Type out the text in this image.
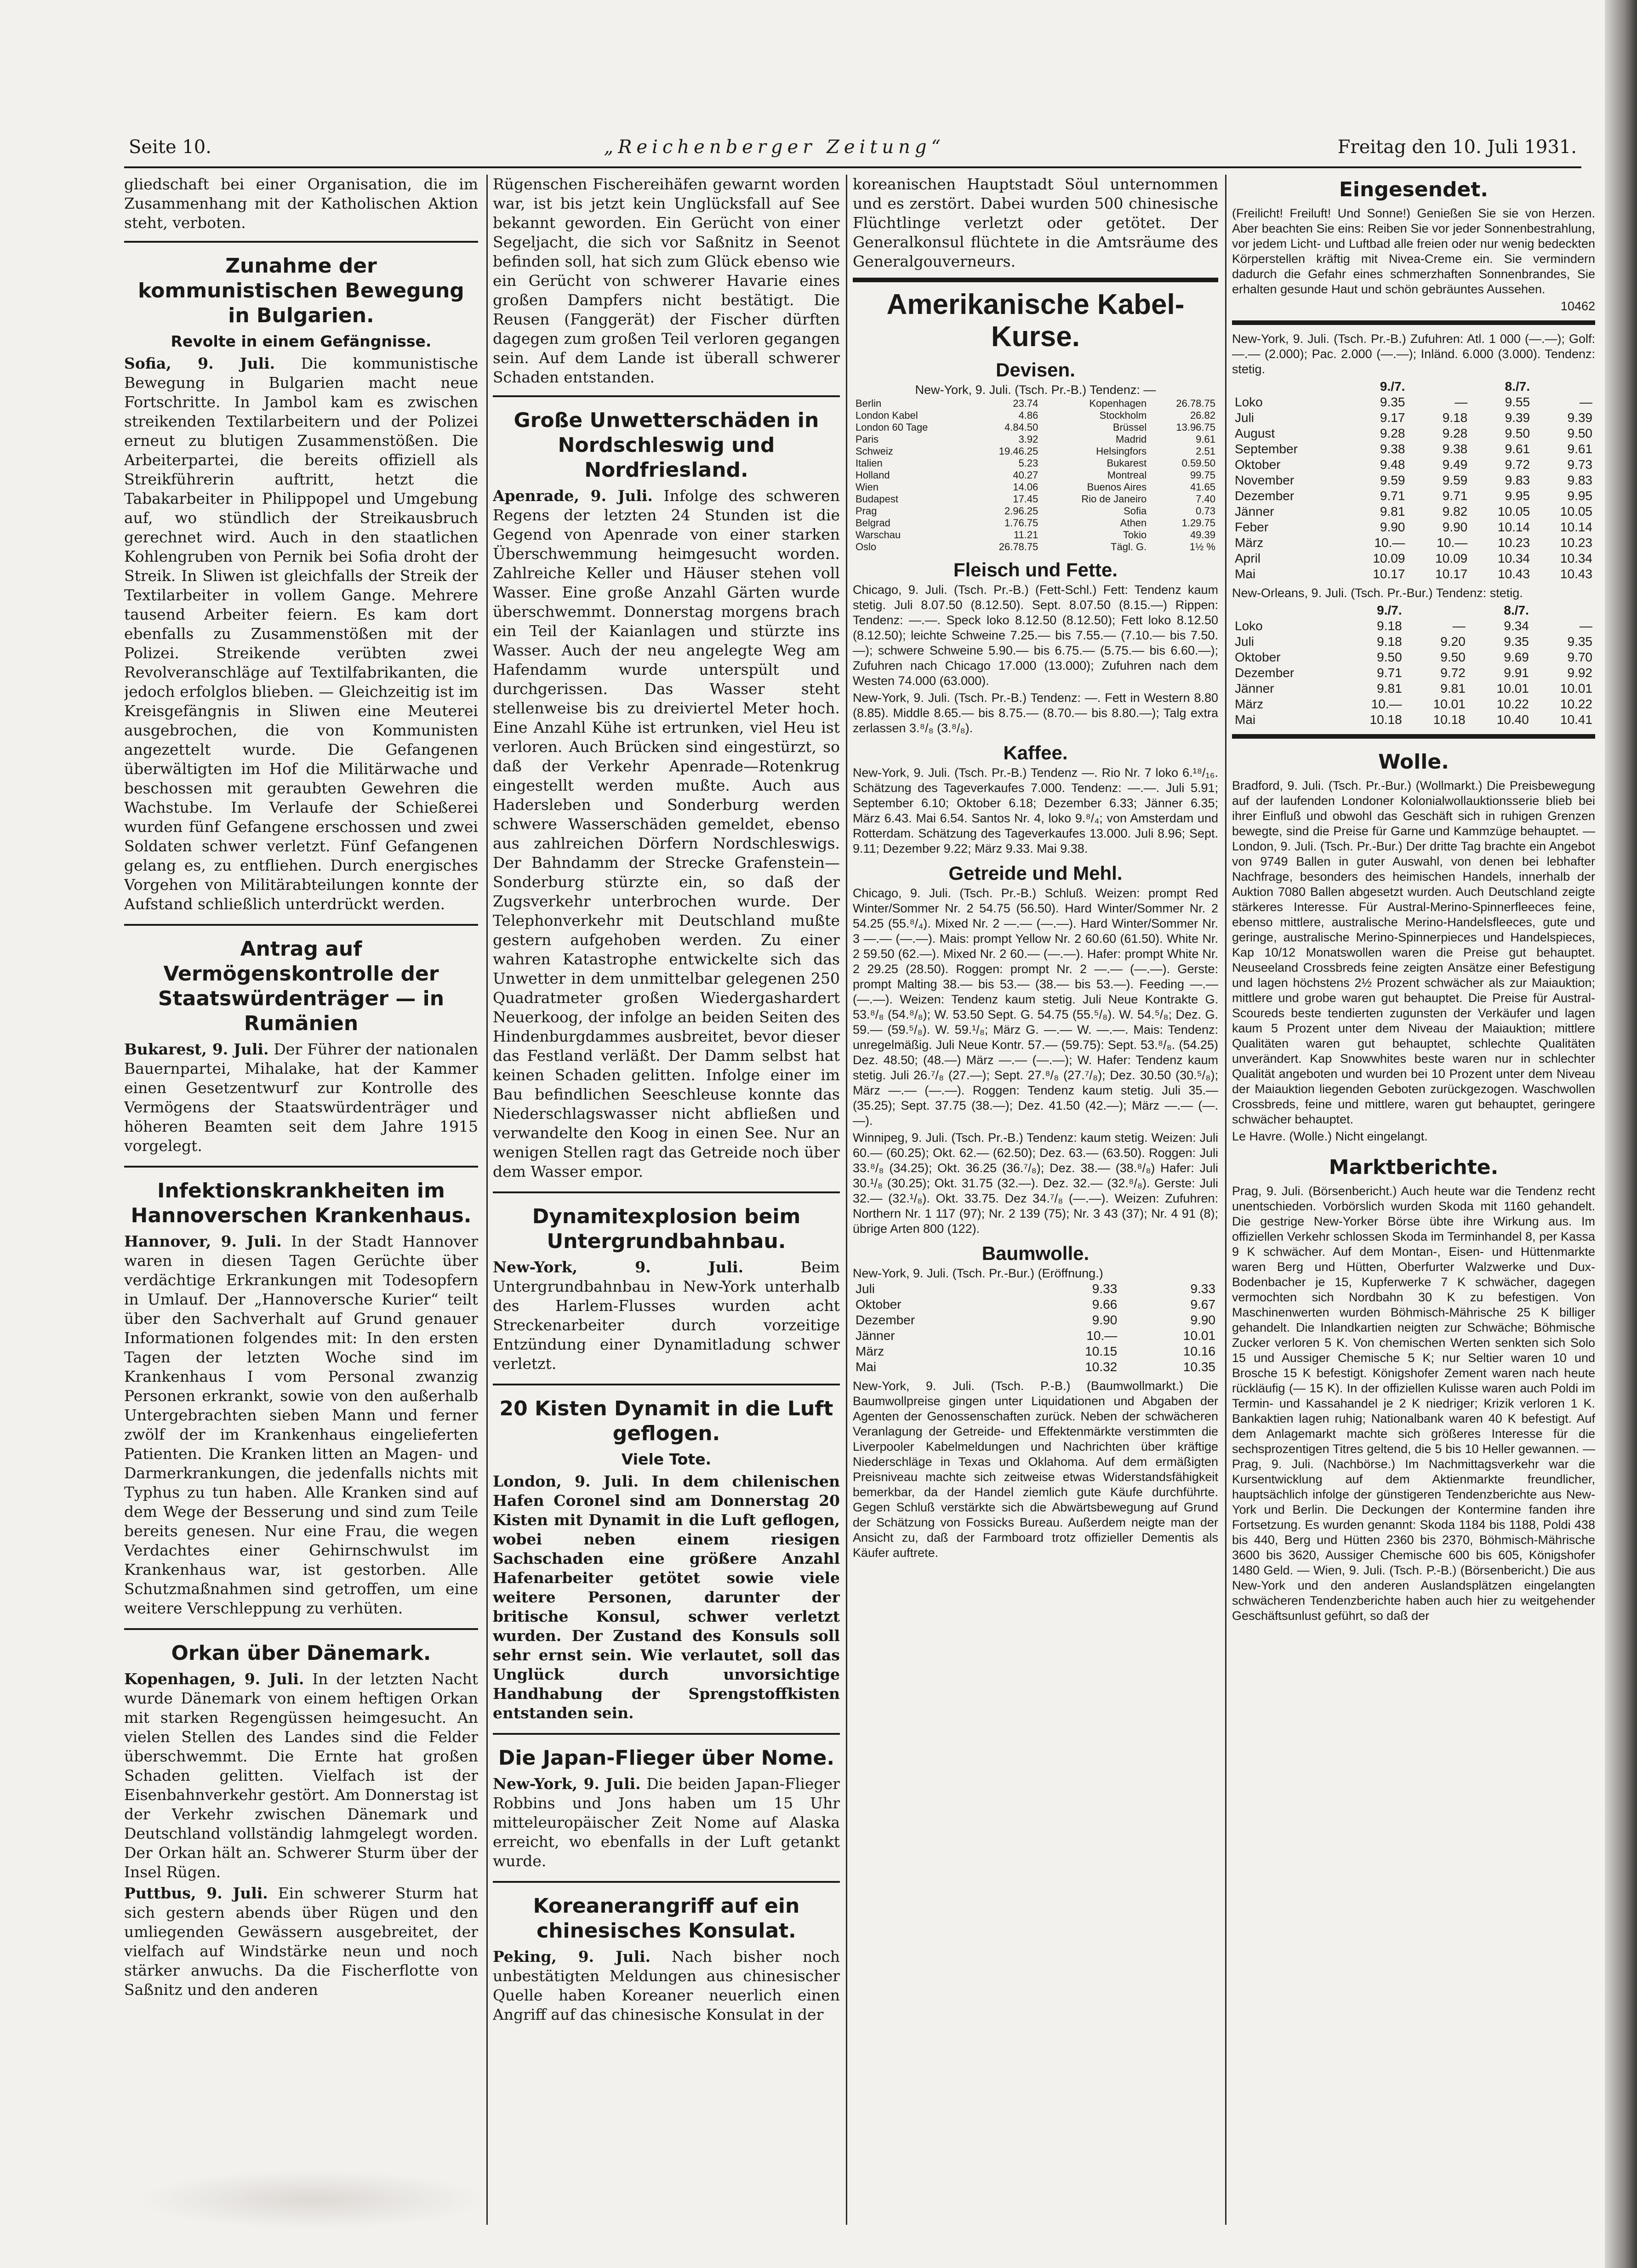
Seite 10.	„Reichenberger Zeitung“	Freitag den 10. Juli 1931.

gliedschaft bei einer Organisation, die im Zusammenhang mit der Katholischen Aktion steht, verboten.

Zunahme der kommunistischen Bewegung in Bulgarien.
Revolte in einem Gefängnisse.

Sofia, 9. Juli. Die kommunistische Bewegung in Bulgarien macht neue Fortschritte. In Jambol kam es zwischen streikenden Textilarbeitern und der Polizei erneut zu blutigen Zusammenstößen. Die Arbeiterpartei, die bereits offiziell als Streikführerin auftritt, hetzt die Tabakarbeiter in Philippopel und Umgebung auf, wo stündlich der Streikausbruch gerechnet wird. Auch in den staatlichen Kohlengruben von Pernik bei Sofia droht der Streik. In Sliwen ist gleichfalls der Streik der Textilarbeiter in vollem Gange. Mehrere tausend Arbeiter feiern. Es kam dort ebenfalls zu Zusammenstößen mit der Polizei. Streikende verübten zwei Revolveranschläge auf Textilfabrikanten, die jedoch erfolglos blieben. — Gleichzeitig ist im Kreisgefängnis in Sliwen eine Meuterei ausgebrochen, die von Kommunisten angezettelt wurde. Die Gefangenen überwältigten im Hof die Militärwache und beschossen mit geraubten Gewehren die Wachstube. Im Verlaufe der Schießerei wurden fünf Gefangene erschossen und zwei Soldaten schwer verletzt. Fünf Gefangenen gelang es, zu entfliehen. Durch energisches Vorgehen von Militärabteilungen konnte der Aufstand schließlich unterdrückt werden.

Antrag auf Vermögenskontrolle der Staatswürdenträger — in Rumänien

Bukarest, 9. Juli. Der Führer der nationalen Bauernpartei, Mihalake, hat der Kammer einen Gesetzentwurf zur Kontrolle des Vermögens der Staatswürdenträger und höheren Beamten seit dem Jahre 1915 vorgelegt.

Infektionskrankheiten im Hannoverschen Krankenhaus.

Hannover, 9. Juli. In der Stadt Hannover waren in diesen Tagen Gerüchte über verdächtige Erkrankungen mit Todesopfern in Umlauf. Der „Hannoversche Kurier“ teilt über den Sachverhalt auf Grund genauer Informationen folgendes mit: In den ersten Tagen der letzten Woche sind im Krankenhaus I vom Personal zwanzig Personen erkrankt, sowie von den außerhalb Untergebrachten sieben Mann und ferner zwölf der im Krankenhaus eingelieferten Patienten. Die Kranken litten an Magen- und Darmerkrankungen, die jedenfalls nichts mit Typhus zu tun haben. Alle Kranken sind auf dem Wege der Besserung und sind zum Teile bereits genesen. Nur eine Frau, die wegen Verdachtes einer Gehirnschwulst im Krankenhaus war, ist gestorben. Alle Schutzmaßnahmen sind getroffen, um eine weitere Verschleppung zu verhüten.

Orkan über Dänemark.

Kopenhagen, 9. Juli. In der letzten Nacht wurde Dänemark von einem heftigen Orkan mit starken Regengüssen heimgesucht. An vielen Stellen des Landes sind die Felder überschwemmt. Die Ernte hat großen Schaden gelitten. Vielfach ist der Eisenbahnverkehr gestört. Am Donnerstag ist der Verkehr zwischen Dänemark und Deutschland vollständig lahmgelegt worden. Der Orkan hält an. Schwerer Sturm über der Insel Rügen.

Puttbus, 9. Juli. Ein schwerer Sturm hat sich gestern abends über Rügen und den umliegenden Gewässern ausgebreitet, der vielfach auf Windstärke neun und noch stärker anwuchs. Da die Fischerflotte von Saßnitz und den anderen

Rügenschen Fischereihäfen gewarnt worden war, ist bis jetzt kein Unglücksfall auf See bekannt geworden. Ein Gerücht von einer Segeljacht, die sich vor Saßnitz in Seenot befinden soll, hat sich zum Glück ebenso wie ein Gerücht von schwerer Havarie eines großen Dampfers nicht bestätigt. Die Reusen (Fanggerät) der Fischer dürften dagegen zum großen Teil verloren gegangen sein. Auf dem Lande ist überall schwerer Schaden entstanden.

Große Unwetterschäden in Nordschleswig und Nordfriesland.

Apenrade, 9. Juli. Infolge des schweren Regens der letzten 24 Stunden ist die Gegend von Apenrade von einer starken Überschwemmung heimgesucht worden. Zahlreiche Keller und Häuser stehen voll Wasser. Eine große Anzahl Gärten wurde überschwemmt. Donnerstag morgens brach ein Teil der Kaianlagen und stürzte ins Wasser. Auch der neu angelegte Weg am Hafendamm wurde unterspült und durchgerissen. Das Wasser steht stellenweise bis zu dreiviertel Meter hoch. Eine Anzahl Kühe ist ertrunken, viel Heu ist verloren. Auch Brücken sind eingestürzt, so daß der Verkehr Apenrade—Rotenkrug eingestellt werden mußte. Auch aus Hadersleben und Sonderburg werden schwere Wasserschäden gemeldet, ebenso aus zahlreichen Dörfern Nordschleswigs. Der Bahndamm der Strecke Grafenstein—Sonderburg stürzte ein, so daß der Zugsverkehr unterbrochen wurde. Der Telephonverkehr mit Deutschland mußte gestern aufgehoben werden. Zu einer wahren Katastrophe entwickelte sich das Unwetter in dem unmittelbar gelegenen 250 Quadratmeter großen Wiedergashardert Neuerkoog, der infolge an beiden Seiten des Hindenburgdammes ausbreitet, bevor dieser das Festland verläßt. Der Damm selbst hat keinen Schaden gelitten. Infolge einer im Bau befindlichen Seeschleuse konnte das Niederschlagswasser nicht abfließen und verwandelte den Koog in einen See. Nur an wenigen Stellen ragt das Getreide noch über dem Wasser empor.

Dynamitexplosion beim Untergrundbahnbau.

New-York, 9. Juli.	Beim Untergrundbahnbau in New-York unterhalb des Harlem-Flusses wurden acht Streckenarbeiter durch vorzeitige Entzündung einer Dynamitladung schwer verletzt.

20 Kisten Dynamit in die Luft geflogen.
Viele Tote.

London, 9. Juli. In dem chilenischen Hafen Coronel sind am Donnerstag 20 Kisten mit Dynamit in die Luft geflogen, wobei neben einem riesigen Sachschaden eine größere Anzahl Hafenarbeiter getötet sowie viele weitere Personen, darunter der britische Konsul, schwer verletzt wurden. Der Zustand des Konsuls soll sehr ernst sein. Wie verlautet, soll das Unglück durch unvorsichtige Handhabung der Sprengstoffkisten entstanden sein.

Die Japan-Flieger über Nome.

New-York, 9. Juli. Die beiden Japan-Flieger Robbins und Jons haben um 15 Uhr mitteleuropäischer Zeit Nome auf Alaska erreicht, wo ebenfalls in der Luft getankt wurde.

Koreanerangriff auf ein chinesisches Konsulat.

Peking, 9. Juli. Nach bisher noch unbestätigten Meldungen aus chinesischer Quelle haben Koreaner neuerlich einen Angriff auf das chinesische Konsulat in der

koreanischen Hauptstadt Söul unternommen und es zerstört. Dabei wurden 500 chinesische Flüchtlinge verletzt oder getötet. Der Generalkonsul flüchtete in die Amtsräume des Generalgouverneurs.

Amerikanische Kabel-Kurse.
Devisen.
New-York, 9. Juli. (Tsch. Pr.-B.) Tendenz: —
Berlin	23.74	Kopenhagen	26.78.75
London Kabel	4.86	Stockholm	26.82
London 60 Tage	4.84.50	Brüssel	13.96.75
Paris	3.92	Madrid	9.61
Schweiz	19.46.25	Helsingfors	2.51
Italien	5.23	Bukarest	0.59.50
Holland	40.27	Montreal	99.75
Wien	14.06	Buenos Aires	41.65
Budapest	17.45	Rio de Janeiro	7.40
Prag	2.96.25	Sofia	0.73
Belgrad	1.76.75	Athen	1.29.75
Warschau	11.21	Tokio	49.39
Oslo	26.78.75	Tägl. G.	1½ %
Fleisch und Fette.

Chicago, 9. Juli. (Tsch. Pr.-B.) (Fett-Schl.) Fett: Tendenz kaum stetig. Juli 8.07.50 (8.12.50). Sept. 8.07.50 (8.15.—) Rippen: Tendenz: —.—. Speck loko 8.12.50 (8.12.50); Fett loko 8.12.50 (8.12.50); leichte Schweine 7.25.— bis 7.55.— (7.10.— bis 7.50.—); schwere Schweine 5.90.— bis 6.75.— (5.75.— bis 6.60.—); Zufuhren nach Chicago 17.000 (13.000); Zufuhren nach dem Westen 74.000 (63.000).

New-York, 9. Juli. (Tsch. Pr.-B.) Tendenz: —. Fett in Western 8.80 (8.85). Middle 8.65.— bis 8.75.— (8.70.— bis 8.80.—); Talg extra zerlassen 3.⁸/₈ (3.⁸/₈).

Kaffee.

New-York, 9. Juli. (Tsch. Pr.-B.) Tendenz —. Rio Nr. 7 loko 6.¹⁸/₁₆. Schätzung des Tageverkaufes 7.000. Tendenz: —.—. Juli 5.91; September 6.10; Oktober 6.18; Dezember 6.33; Jänner 6.35; März 6.43. Mai 6.54. Santos Nr. 4, loko 9.⁸/₄; von Amsterdam und Rotterdam. Schätzung des Tageverkaufes 13.000. Juli 8.96; Sept. 9.11; Dezember 9.22; März 9.33. Mai 9.38.

Getreide und Mehl.

Chicago, 9. Juli. (Tsch. Pr.-B.) Schluß. Weizen: prompt Red Winter/Sommer Nr. 2 54.75 (56.50). Hard Winter/Sommer Nr. 2 54.25 (55.⁸/₄). Mixed Nr. 2 —.— (—.—). Hard Winter/Sommer Nr. 3 —.— (—.—). Mais: prompt Yellow Nr. 2 60.60 (61.50). White Nr. 2 59.50 (62.—). Mixed Nr. 2 60.— (—.—). Hafer: prompt White Nr. 2 29.25 (28.50). Roggen: prompt Nr. 2 —.— (—.—). Gerste: prompt Malting 38.— bis 53.— (38.— bis 53.—). Feeding —.— (—.—). Weizen: Tendenz kaum stetig. Juli Neue Kontrakte G. 53.⁸/₈ (54.⁸/₈); W. 53.50 Sept. G. 54.75 (55.⁵/₈). W. 54.⁵/₈; Dez. G. 59.— (59.⁵/₈). W. 59.¹/₈; März G. —.— W. —.—. Mais: Tendenz: unregelmäßig. Juli Neue Kontr. 57.— (59.75): Sept. 53.⁸/₈. (54.25) Dez. 48.50; (48.—) März —.— (—.—); W. Hafer: Tendenz kaum stetig. Juli 26.⁷/₈ (27.—); Sept. 27.⁸/₈ (27.⁷/₈); Dez. 30.50 (30.⁵/₈); März —.— (—.—). Roggen: Tendenz kaum stetig. Juli 35.— (35.25); Sept. 37.75 (38.—); Dez. 41.50 (42.—); März —.— (—.—).

Winnipeg, 9. Juli. (Tsch. Pr.-B.) Tendenz: kaum stetig. Weizen: Juli 60.— (60.25); Okt. 62.— (62.50); Dez. 63.— (63.50). Roggen: Juli 33.⁸/₈ (34.25); Okt. 36.25 (36.⁷/₈); Dez. 38.— (38.⁸/₈) Hafer: Juli 30.¹/₈ (30.25); Okt. 31.75 (32.—). Dez. 32.— (32.⁸/₈). Gerste: Juli 32.— (32.¹/₈). Okt. 33.75. Dez 34.⁷/₈ (—.—). Weizen: Zufuhren: Northern Nr. 1 117 (97); Nr. 2 139 (75); Nr. 3 43 (37); Nr. 4 91 (8); übrige Arten 800 (122).

Baumwolle.
New-York, 9. Juli. (Tsch. Pr.-Bur.) (Eröffnung.)
Juli	9.33	9.33
Oktober	9.66	9.67
Dezember	9.90	9.90
Jänner	10.—	10.01
März	10.15	10.16
Mai	10.32	10.35

New-York, 9. Juli. (Tsch. P.-B.) (Baumwollmarkt.) Die Baumwollpreise gingen unter Liquidationen und Abgaben der Agenten der Genossenschaften zurück. Neben der schwächeren Veranlagung der Getreide- und Effektenmärkte verstimmten die Liverpooler Kabelmeldungen und Nachrichten über kräftige Niederschläge in Texas und Oklahoma. Auf dem ermäßigten Preisniveau machte sich zeitweise etwas Widerstandsfähigkeit bemerkbar, da der Handel ziemlich gute Käufe durchführte. Gegen Schluß verstärkte sich die Abwärtsbewegung auf Grund der Schätzung von Fossicks Bureau. Außerdem neigte man der Ansicht zu, daß der Farmboard trotz offizieller Dementis als Käufer auftrete.

Eingesendet.

(Freilicht! Freiluft! Und Sonne!) Genießen Sie sie von Herzen. Aber beachten Sie eins: Reiben Sie vor jeder Sonnenbestrahlung, vor jedem Licht- und Luftbad alle freien oder nur wenig bedeckten Körperstellen kräftig mit Nivea-Creme ein. Sie vermindern dadurch die Gefahr eines schmerzhaften Sonnenbrandes, Sie erhalten gesunde Haut und schön gebräuntes Aussehen.

10462

New-York, 9. Juli. (Tsch. Pr.-B.) Zufuhren: Atl. 1 000 (—.—); Golf: —.— (2.000); Pac. 2.000 (—.—); Inländ. 6.000 (3.000). Tendenz: stetig.

	9./7.		8./7.	
Loko	9.35	—	9.55	—
Juli	9.17	9.18	9.39	9.39
August	9.28	9.28	9.50	9.50
September	9.38	9.38	9.61	9.61
Oktober	9.48	9.49	9.72	9.73
November	9.59	9.59	9.83	9.83
Dezember	9.71	9.71	9.95	9.95
Jänner	9.81	9.82	10.05	10.05
Feber	9.90	9.90	10.14	10.14
März	10.—	10.—	10.23	10.23
April	10.09	10.09	10.34	10.34
Mai	10.17	10.17	10.43	10.43

New-Orleans, 9. Juli. (Tsch. Pr.-Bur.) Tendenz: stetig.

	9./7.		8./7.	
Loko	9.18	—	9.34	—
Juli	9.18	9.20	9.35	9.35
Oktober	9.50	9.50	9.69	9.70
Dezember	9.71	9.72	9.91	9.92
Jänner	9.81	9.81	10.01	10.01
März	10.—	10.01	10.22	10.22
Mai	10.18	10.18	10.40	10.41
Wolle.

Bradford, 9. Juli. (Tsch. Pr.-Bur.) (Wollmarkt.) Die Preisbewegung auf der laufenden Londoner Kolonialwollauktionsserie blieb bei ihrer Einfluß und obwohl das Geschäft sich in ruhigen Grenzen bewegte, sind die Preise für Garne und Kammzüge behauptet. — London, 9. Juli. (Tsch. Pr.-Bur.) Der dritte Tag brachte ein Angebot von 9749 Ballen in guter Auswahl, von denen bei lebhafter Nachfrage, besonders des heimischen Handels, innerhalb der Auktion 7080 Ballen abgesetzt wurden. Auch Deutschland zeigte stärkeres Interesse. Für Austral-Merino-Spinnerfleeces feine, ebenso mittlere, australische Merino-Handelsfleeces, gute und geringe, australische Merino-Spinnerpieces und Handelspieces, Kap 10/12 Monatswollen waren die Preise gut behauptet. Neuseeland Crossbreds feine zeigten Ansätze einer Befestigung und lagen höchstens 2½ Prozent schwächer als zur Maiauktion; mittlere und grobe waren gut behauptet. Die Preise für Austral-Scoureds beste tendierten zugunsten der Verkäufer und lagen kaum 5 Prozent unter dem Niveau der Maiauktion; mittlere Qualitäten waren gut behauptet, schlechte Qualitäten unverändert. Kap Snowwhites beste waren nur in schlechter Qualität angeboten und wurden bei 10 Prozent unter dem Niveau der Maiauktion liegenden Geboten zurückgezogen. Waschwollen Crossbreds, feine und mittlere, waren gut behauptet, geringere schwächer behauptet.

Le Havre. (Wolle.) Nicht eingelangt.

Marktberichte.

Prag, 9. Juli. (Börsenbericht.) Auch heute war die Tendenz recht unentschieden. Vorbörslich wurden Skoda mit 1160 gehandelt. Die gestrige New-Yorker Börse übte ihre Wirkung aus. Im offiziellen Verkehr schlossen Skoda im Terminhandel 8, per Kassa 9 K schwächer. Auf dem Montan-, Eisen- und Hüttenmarkte waren Berg und Hütten, Oberfurter Walzwerke und Dux-Bodenbacher je 15, Kupferwerke 7 K schwächer, dagegen vermochten sich Nordbahn 30 K zu befestigen. Von Maschinenwerten wurden Böhmisch-Mährische 25 K billiger gehandelt. Die Inlandkartien neigten zur Schwäche; Böhmische Zucker verloren 5 K. Von chemischen Werten senkten sich Solo 15 und Aussiger Chemische 5 K; nur Seltier waren 10 und Brosche 15 K befestigt. Königshofer Zement waren nach heute rückläufig (— 15 K). In der offiziellen Kulisse waren auch Poldi im Termin- und Kassahandel je 2 K niedriger; Krizik verloren 1 K. Bankaktien lagen ruhig; Nationalbank waren 40 K befestigt. Auf dem Anlagemarkt machte sich größeres Interesse für die sechsprozentigen Titres geltend, die 5 bis 10 Heller gewannen. — Prag, 9. Juli. (Nachbörse.) Im Nachmittagsverkehr war die Kursentwicklung auf dem Aktienmarkte freundlicher, hauptsächlich infolge der günstigeren Tendenzberichte aus New-York und Berlin. Die Deckungen der Kontermine fanden ihre Fortsetzung. Es wurden genannt: Skoda 1184 bis 1188, Poldi 438 bis 440, Berg und Hütten 2360 bis 2370, Böhmisch-Mährische 3600 bis 3620, Aussiger Chemische 600 bis 605, Königshofer 1480 Geld. — Wien, 9. Juli. (Tsch. P.-B.) (Börsenbericht.) Die aus New-York und den anderen Auslandsplätzen eingelangten schwächeren Tendenzberichte haben auch hier zu weitgehender Geschäftsunlust geführt, so daß der
